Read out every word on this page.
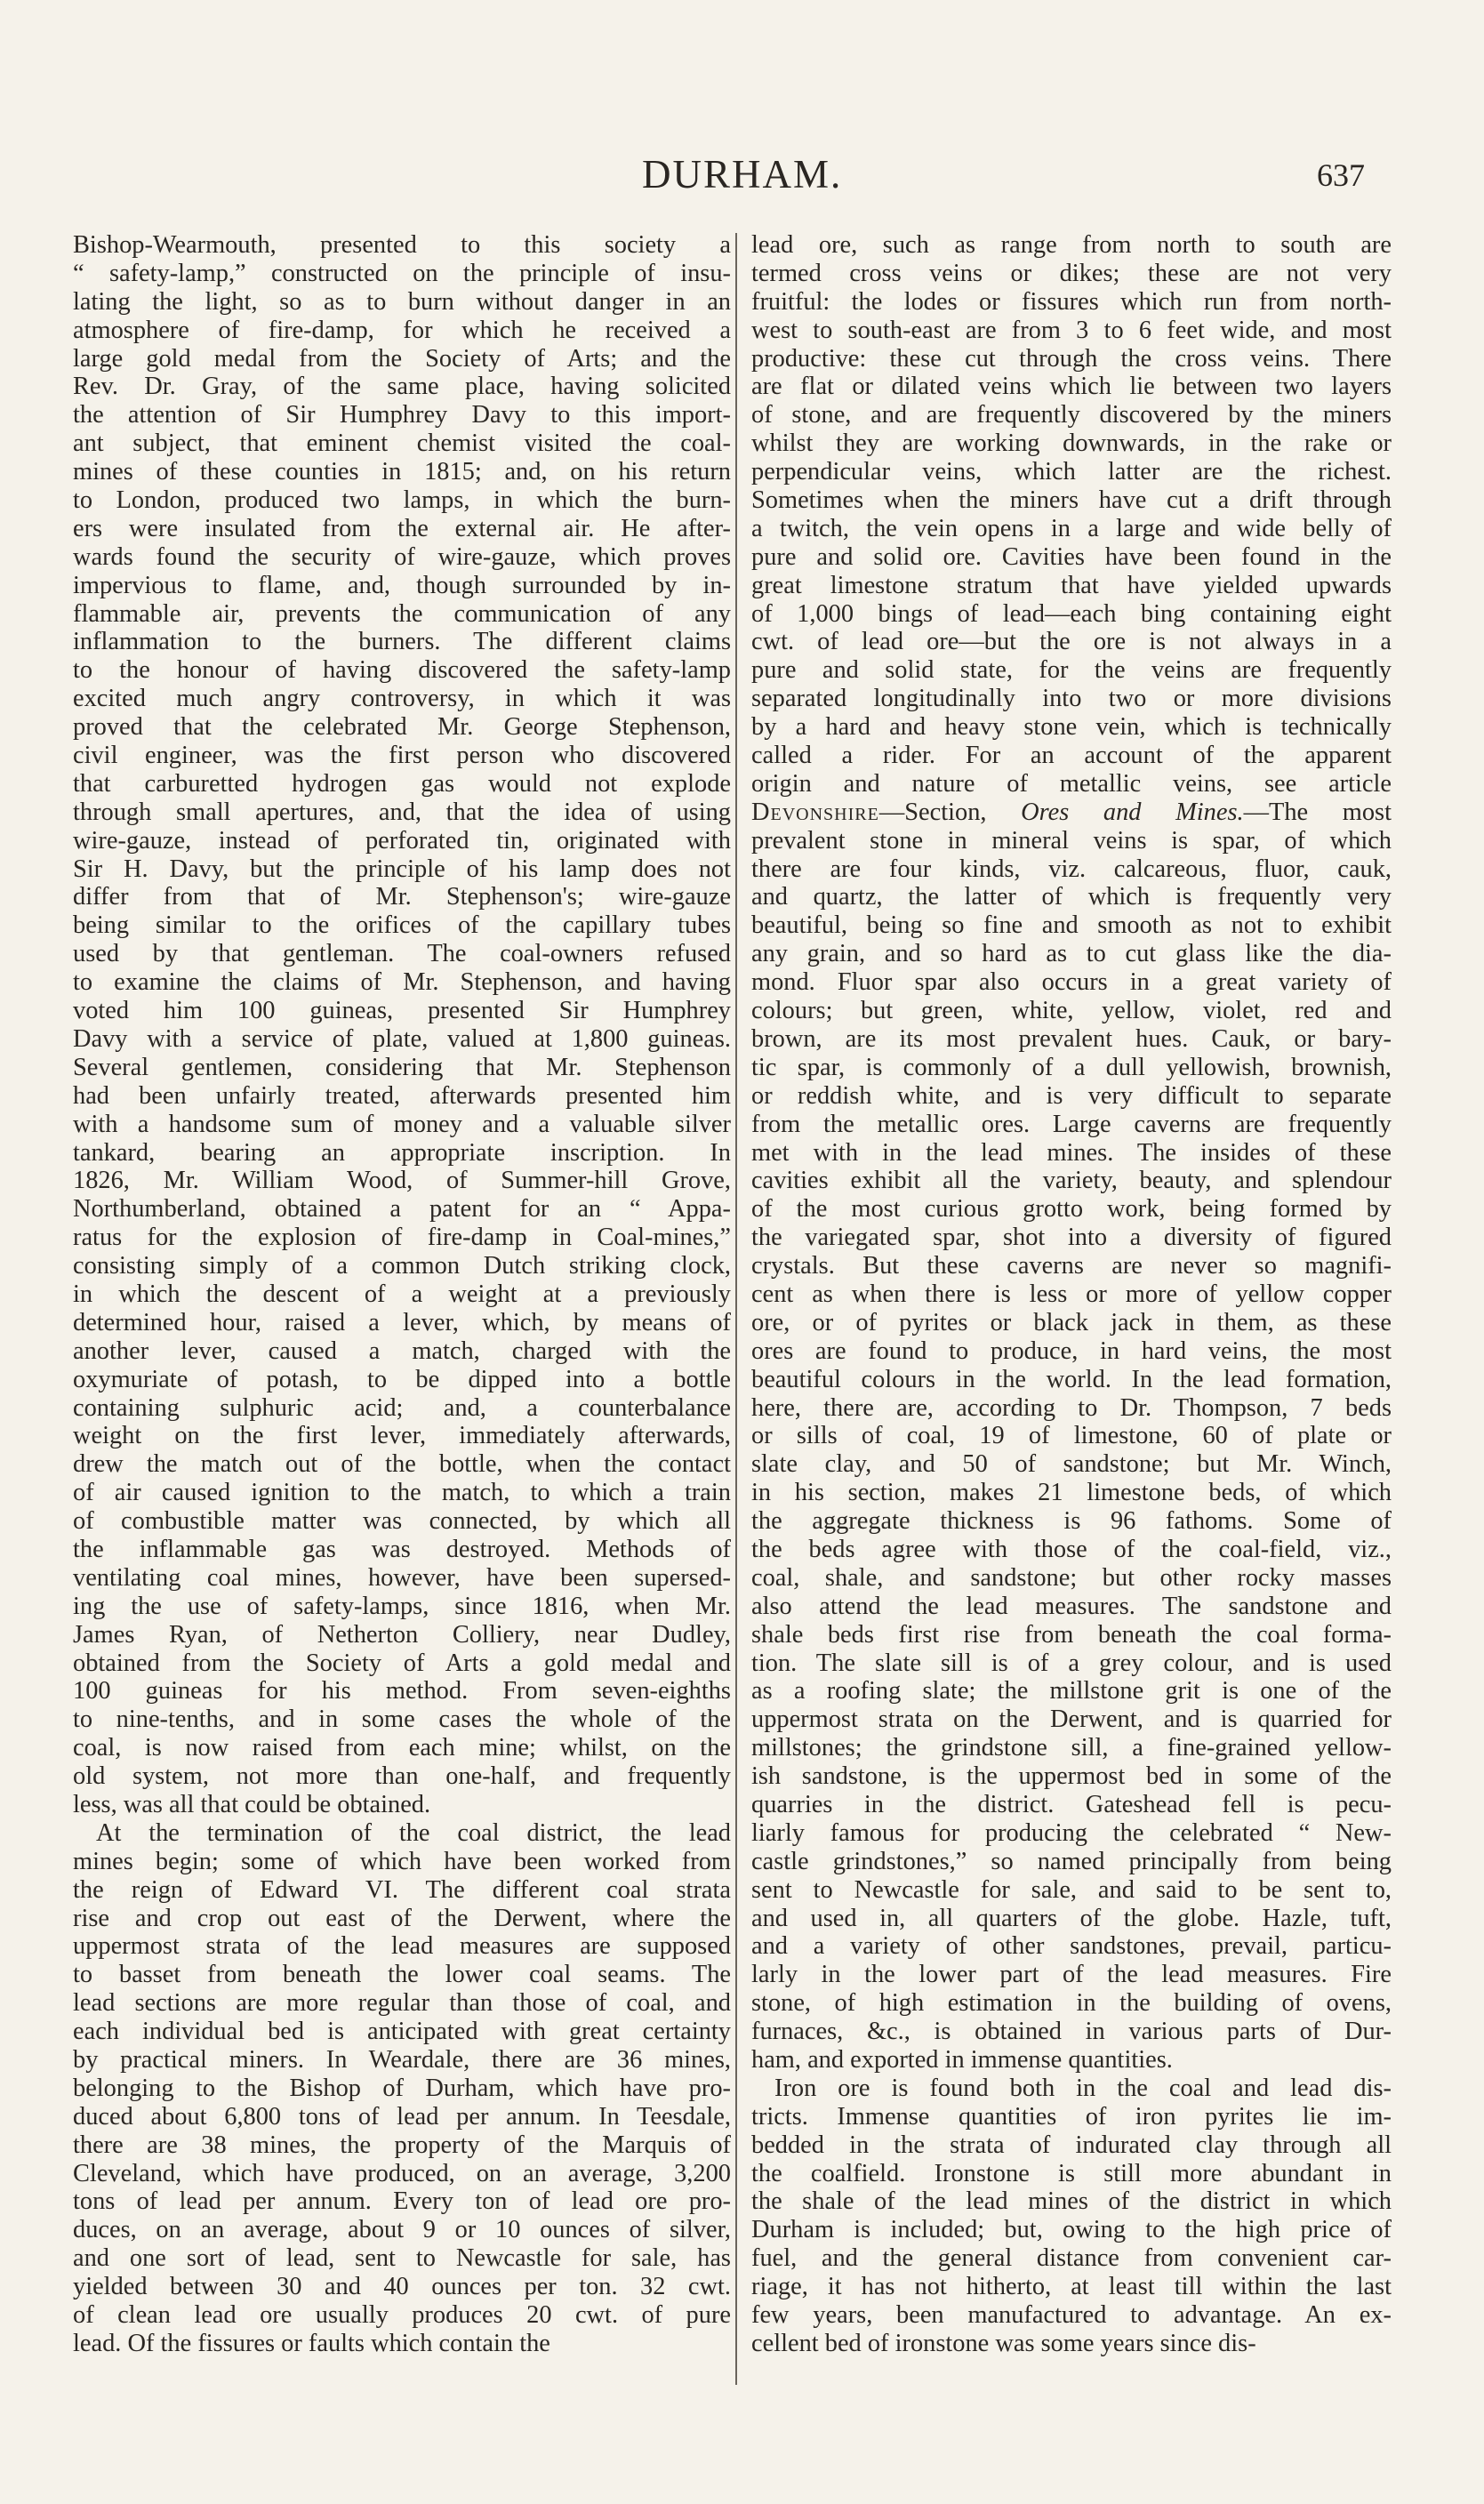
DURHAM.	637
Bishop-Wearmouth, presented to this society a
“ safety-lamp,” constructed on the principle of insu-
lating the light, so as to burn without danger in an
atmosphere of fire-damp, for which he received a
large gold medal from the Society of Arts; and the
Rev. Dr. Gray, of the same place, having solicited
the attention of Sir Humphrey Davy to this import-
ant subject, that eminent chemist visited the coal-
mines of these counties in 1815; and, on his return
to London, produced two lamps, in which the burn-
ers were insulated from the external air. He after-
wards found the security of wire-gauze, which proves
impervious to flame, and, though surrounded by in-
flammable air, prevents the communication of any
inflammation to the burners. The different claims
to the honour of having discovered the safety-lamp
excited much angry controversy, in which it was
proved that the celebrated Mr. George Stephenson,
civil engineer, was the first person who discovered
that carburetted hydrogen gas would not explode
through small apertures, and, that the idea of using
wire-gauze, instead of perforated tin, originated with
Sir H. Davy, but the principle of his lamp does not
differ from that of Mr. Stephenson's; wire-gauze
being similar to the orifices of the capillary tubes
used by that gentleman. The coal-owners refused
to examine the claims of Mr. Stephenson, and having
voted him 100 guineas, presented Sir Humphrey
Davy with a service of plate, valued at 1,800 guineas.
Several gentlemen, considering that Mr. Stephenson
had been unfairly treated, afterwards presented him
with a handsome sum of money and a valuable silver
tankard, bearing an appropriate inscription. In
1826, Mr. William Wood, of Summer-hill Grove,
Northumberland, obtained a patent for an “ Appa-
ratus for the explosion of fire-damp in Coal-mines,”
consisting simply of a common Dutch striking clock,
in which the descent of a weight at a previously
determined hour, raised a lever, which, by means of
another lever, caused a match, charged with the
oxymuriate of potash, to be dipped into a bottle
containing sulphuric acid; and, a counterbalance
weight on the first lever, immediately afterwards,
drew the match out of the bottle, when the contact
of air caused ignition to the match, to which a train
of combustible matter was connected, by which all
the inflammable gas was destroyed. Methods of
ventilating coal mines, however, have been supersed-
ing the use of safety-lamps, since 1816, when Mr.
James Ryan, of Netherton Colliery, near Dudley,
obtained from the Society of Arts a gold medal and
100 guineas for his method. From seven-eighths
to nine-tenths, and in some cases the whole of the
coal, is now raised from each mine; whilst, on the
old system, not more than one-half, and frequently
less, was all that could be obtained.
At the termination of the coal district, the lead
mines begin; some of which have been worked from
the reign of Edward VI. The different coal strata
rise and crop out east of the Derwent, where the
uppermost strata of the lead measures are supposed
to basset from beneath the lower coal seams. The
lead sections are more regular than those of coal, and
each individual bed is anticipated with great certainty
by practical miners. In Weardale, there are 36 mines,
belonging to the Bishop of Durham, which have pro-
duced about 6,800 tons of lead per annum. In Teesdale,
there are 38 mines, the property of the Marquis of
Cleveland, which have produced, on an average, 3,200
tons of lead per annum. Every ton of lead ore pro-
duces, on an average, about 9 or 10 ounces of silver,
and one sort of lead, sent to Newcastle for sale, has
yielded between 30 and 40 ounces per ton. 32 cwt.
of clean lead ore usually produces 20 cwt. of pure
lead. Of the fissures or faults which contain the
lead ore, such as range from north to south are
termed cross veins or dikes; these are not very
fruitful: the lodes or fissures which run from north-
west to south-east are from 3 to 6 feet wide, and most
productive: these cut through the cross veins. There
are flat or dilated veins which lie between two layers
of stone, and are frequently discovered by the miners
whilst they are working downwards, in the rake or
perpendicular veins, which latter are the richest.
Sometimes when the miners have cut a drift through
a twitch, the vein opens in a large and wide belly of
pure and solid ore. Cavities have been found in the
great limestone stratum that have yielded upwards
of 1,000 bings of lead—each bing containing eight
cwt. of lead ore—but the ore is not always in a
pure and solid state, for the veins are frequently
separated longitudinally into two or more divisions
by a hard and heavy stone vein, which is technically
called a rider. For an account of the apparent
origin and nature of metallic veins, see article
Devonshire—Section, Ores and Mines.—The most
prevalent stone in mineral veins is spar, of which
there are four kinds, viz. calcareous, fluor, cauk,
and quartz, the latter of which is frequently very
beautiful, being so fine and smooth as not to exhibit
any grain, and so hard as to cut glass like the dia-
mond. Fluor spar also occurs in a great variety of
colours; but green, white, yellow, violet, red and
brown, are its most prevalent hues. Cauk, or bary-
tic spar, is commonly of a dull yellowish, brownish,
or reddish white, and is very difficult to separate
from the metallic ores. Large caverns are frequently
met with in the lead mines. The insides of these
cavities exhibit all the variety, beauty, and splendour
of the most curious grotto work, being formed by
the variegated spar, shot into a diversity of figured
crystals. But these caverns are never so magnifi-
cent as when there is less or more of yellow copper
ore, or of pyrites or black jack in them, as these
ores are found to produce, in hard veins, the most
beautiful colours in the world. In the lead formation,
here, there are, according to Dr. Thompson, 7 beds
or sills of coal, 19 of limestone, 60 of plate or
slate clay, and 50 of sandstone; but Mr. Winch,
in his section, makes 21 limestone beds, of which
the aggregate thickness is 96 fathoms. Some of
the beds agree with those of the coal-field, viz.,
coal, shale, and sandstone; but other rocky masses
also attend the lead measures. The sandstone and
shale beds first rise from beneath the coal forma-
tion. The slate sill is of a grey colour, and is used
as a roofing slate; the millstone grit is one of the
uppermost strata on the Derwent, and is quarried for
millstones; the grindstone sill, a fine-grained yellow-
ish sandstone, is the uppermost bed in some of the
quarries in the district. Gateshead fell is pecu-
liarly famous for producing the celebrated “ New-
castle grindstones,” so named principally from being
sent to Newcastle for sale, and said to be sent to,
and used in, all quarters of the globe. Hazle, tuft,
and a variety of other sandstones, prevail, particu-
larly in the lower part of the lead measures. Fire
stone, of high estimation in the building of ovens,
furnaces, &c., is obtained in various parts of Dur-
ham, and exported in immense quantities.
Iron ore is found both in the coal and lead dis-
tricts. Immense quantities of iron pyrites lie im-
bedded in the strata of indurated clay through all
the coalfield. Ironstone is still more abundant in
the shale of the lead mines of the district in which
Durham is included; but, owing to the high price of
fuel, and the general distance from convenient car-
riage, it has not hitherto, at least till within the last
few years, been manufactured to advantage. An ex-
cellent bed of ironstone was some years since dis-
